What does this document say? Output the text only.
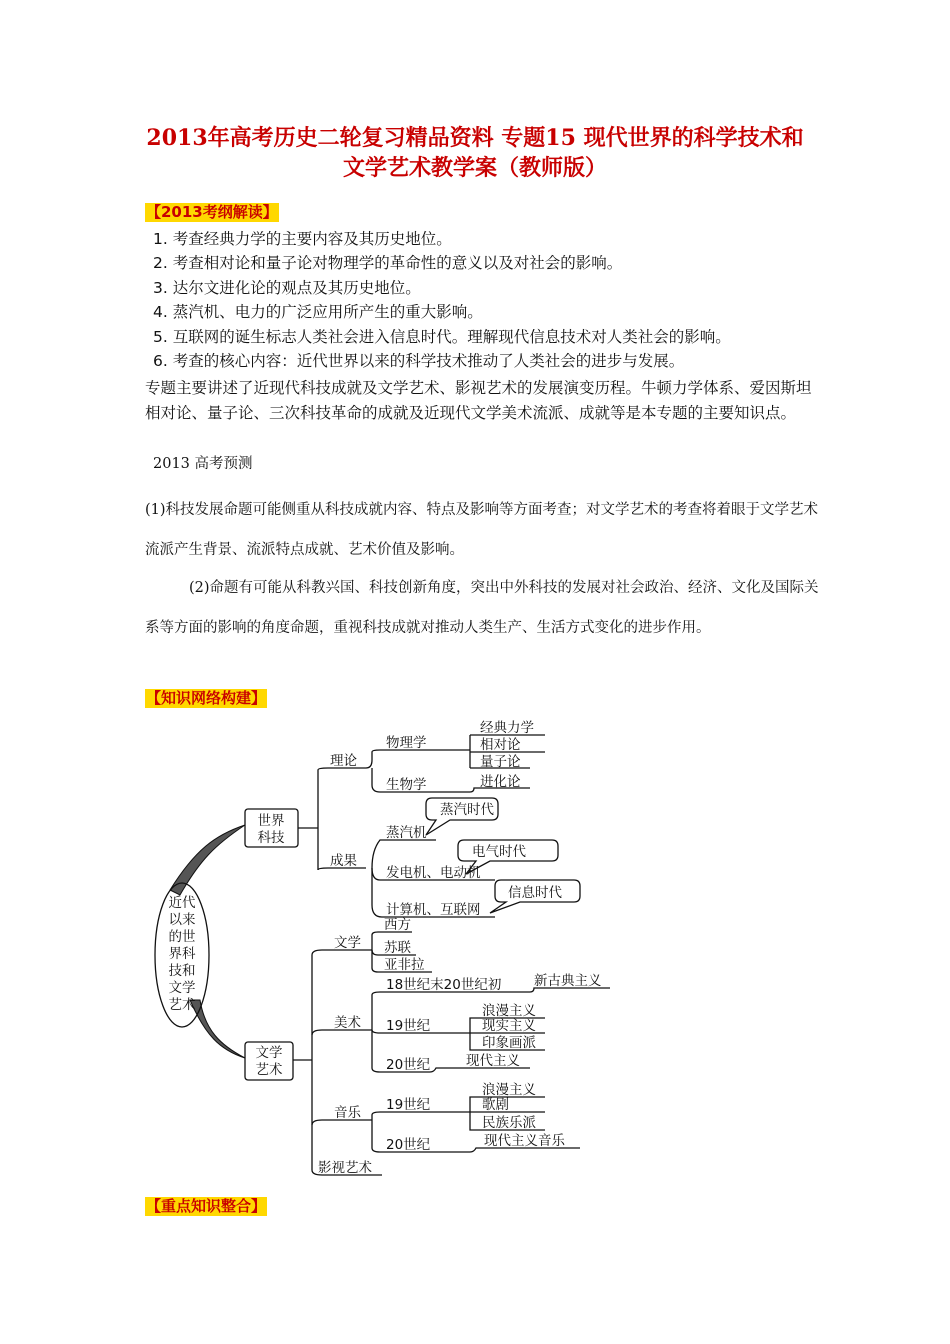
2013年高考历史二轮复习精品资料 专题15 现代世界的科学技术和
文学艺术教学案（教师版）
【2013考纲解读】
1. 考查经典力学的主要内容及其历史地位。
2. 考查相对论和量子论对物理学的革命性的意义以及对社会的影响。
3. 达尔文进化论的观点及其历史地位。
4. 蒸汽机、电力的广泛应用所产生的重大影响。
5. 互联网的诞生标志人类社会进入信息时代。理解现代信息技术对人类社会的影响。
6. 考查的核心内容：近代世界以来的科学技术推动了人类社会的进步与发展。
专题主要讲述了近现代科技成就及文学艺术、影视艺术的发展演变历程。牛顿力学体系、爱因斯坦相对论、量子论、三次科技革命的成就及近现代文学美术流派、成就等是本专题的主要知识点。
2013 高考预测
(1)科技发展命题可能侧重从科技成就内容、特点及影响等方面考查；对文学艺术的考查将着眼于文学艺术流派产生背景、流派特点成就、艺术价值及影响。
(2)命题有可能从科教兴国、科技创新角度，突出中外科技的发展对社会政治、经济、文化及国际关系等方面的影响的角度命题，重视科技成就对推动人类生产、生活方式变化的进步作用。
【知识网络构建】
近代
以来
的世
界科
技和
文学
艺术
世界
科技
文学
艺术
理论
物理学
经典力学
相对论
量子论
生物学	进化论
成果
蒸汽机
蒸汽时代
发电机、电动机
电气时代
计算机、互联网
信息时代
文学
西方
苏联
亚非拉
美术
18世纪末20世纪初 新古典主义
19世纪
浪漫主义
现实主义
印象画派
20世纪	现代主义
音乐 19世纪
浪漫主义
歌剧
民族乐派
20世纪	现代主义音乐
影视艺术
【重点知识整合】
